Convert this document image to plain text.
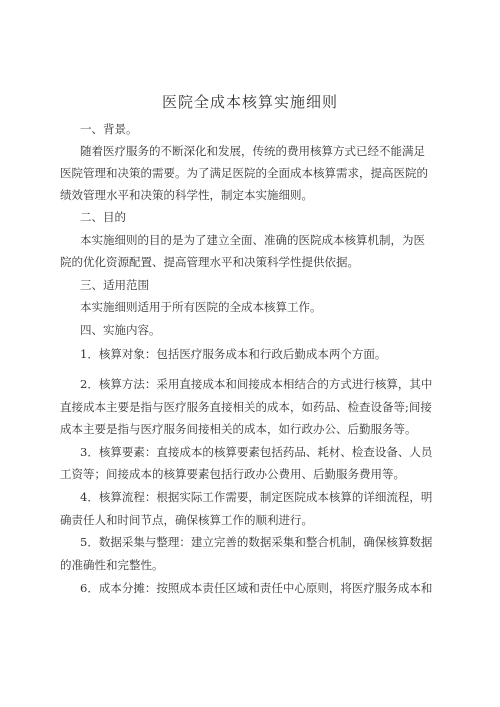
医院全成本核算实施细则
一、背景。
随着医疗服务的不断深化和发展，传统的费用核算方式已经不能满足
医院管理和决策的需要。为了满足医院的全面成本核算需求，提高医院的
绩效管理水平和决策的科学性，制定本实施细则。
二、目的
本实施细则的目的是为了建立全面、准确的医院成本核算机制，为医
院的优化资源配置、提高管理水平和决策科学性提供依据。
三、适用范围
本实施细则适用于所有医院的全成本核算工作。
四、实施内容。
1．核算对象：包括医疗服务成本和行政后勤成本两个方面。
2．核算方法：采用直接成本和间接成本相结合的方式进行核算，其中
直接成本主要是指与医疗服务直接相关的成本，如药品、检查设备等;间接
成本主要是指与医疗服务间接相关的成本，如行政办公、后勤服务等。
3．核算要素：直接成本的核算要素包括药品、耗材、检查设备、人员
工资等；间接成本的核算要素包括行政办公费用、后勤服务费用等。
4．核算流程：根据实际工作需要，制定医院成本核算的详细流程，明
确责任人和时间节点，确保核算工作的顺利进行。
5．数据采集与整理：建立完善的数据采集和整合机制，确保核算数据
的准确性和完整性。
6．成本分摊：按照成本责任区域和责任中心原则，将医疗服务成本和
